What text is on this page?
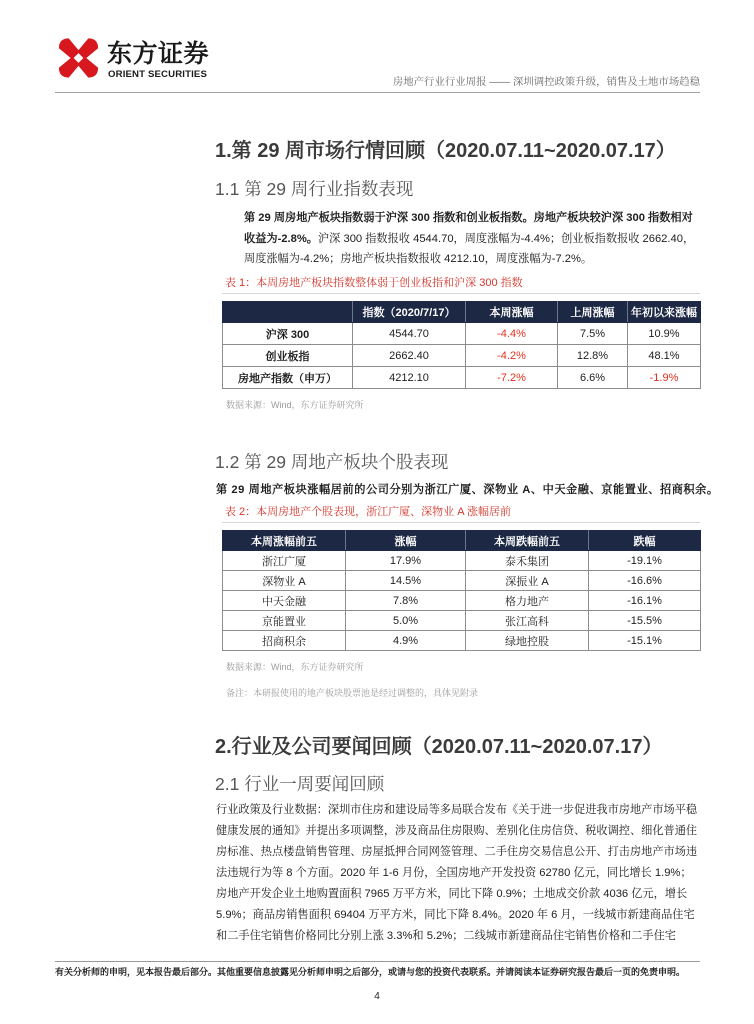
东方证券
ORIENT SECURITIES
房地产行业行业周报 —— 深圳调控政策升级，销售及土地市场趋稳
1.第 29 周市场行情回顾（2020.07.11~2020.07.17）
1.1 第 29 周行业指数表现
第 29 周房地产板块指数弱于沪深 300 指数和创业板指数。房地产板块较沪深 300 指数相对
收益为-2.8%。沪深 300 指数报收 4544.70，周度涨幅为-4.4%；创业板指数报收 2662.40，
周度涨幅为-4.2%；房地产板块指数报收 4212.10，周度涨幅为-7.2%。
表 1：本周房地产板块指数整体弱于创业板指和沪深 300 指数
	指数（2020/7/17）	本周涨幅	上周涨幅	年初以来涨幅
沪深 300	4544.70	-4.4%	7.5%	10.9%
创业板指	2662.40	-4.2%	12.8%	48.1%
房地产指数（申万）	4212.10	-7.2%	6.6%	-1.9%
数据来源：Wind，东方证券研究所
1.2 第 29 周地产板块个股表现
第 29 周地产板块涨幅居前的公司分别为浙江广厦、深物业 A、中天金融、京能置业、招商积余。
表 2：本周房地产个股表现，浙江广厦、深物业 A 涨幅居前
本周涨幅前五	涨幅	本周跌幅前五	跌幅
浙江广厦	17.9%	泰禾集团	-19.1%
深物业 A	14.5%	深振业 A	-16.6%
中天金融	7.8%	格力地产	-16.1%
京能置业	5.0%	张江高科	-15.5%
招商积余	4.9%	绿地控股	-15.1%
数据来源：Wind，东方证券研究所
备注：本研报使用的地产板块股票池是经过调整的，具体见附录
2.行业及公司要闻回顾（2020.07.11~2020.07.17）
2.1 行业一周要闻回顾
行业政策及行业数据：深圳市住房和建设局等多局联合发布《关于进一步促进我市房地产市场平稳
健康发展的通知》并提出多项调整，涉及商品住房限购、差别化住房信贷、税收调控、细化普通住
房标准、热点楼盘销售管理、房屋抵押合同网签管理、二手住房交易信息公开、打击房地产市场违
法违规行为等 8 个方面。2020 年 1-6 月份，全国房地产开发投资 62780 亿元，同比增长 1.9%；
房地产开发企业土地购置面积 7965 万平方米，同比下降 0.9%；土地成交价款 4036 亿元，增长
5.9%；商品房销售面积 69404 万平方米，同比下降 8.4%。2020 年 6 月，一线城市新建商品住宅
和二手住宅销售价格同比分别上涨 3.3%和 5.2%；二线城市新建商品住宅销售价格和二手住宅
有关分析师的申明，见本报告最后部分。其他重要信息披露见分析师申明之后部分，或请与您的投资代表联系。并请阅读本证券研究报告最后一页的免责申明。
4
